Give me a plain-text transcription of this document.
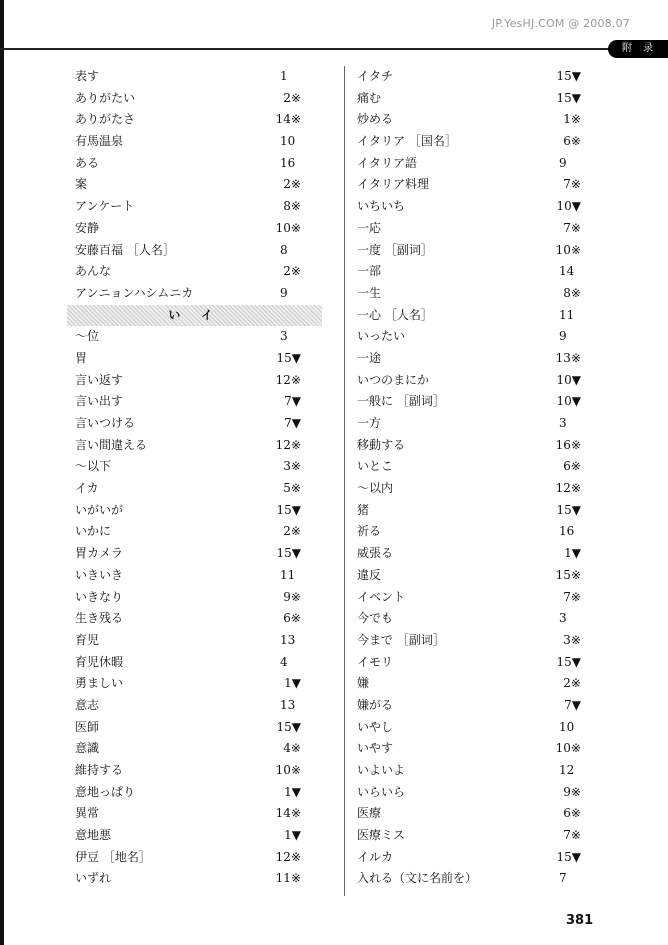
JP.YesHJ.COM @ 2008.07
附 录
表す	1
ありがたい	2※
ありがたさ	14※
有馬温泉	10
ある	16
案	2※
アンケート	8※
安静	10※
安藤百福 ［人名］	8
あんな	2※
アンニョンハシムニカ	9
い イ
～位	3
胃	15▼
言い返す	12※
言い出す	7▼
言いつける	7▼
言い間違える	12※
～以下	3※
イカ	5※
いがいが	15▼
いかに	2※
胃カメラ	15▼
いきいき	11
いきなり	9※
生き残る	6※
育児	13
育児休暇	4
勇ましい	1▼
意志	13
医師	15▼
意識	4※
維持する	10※
意地っぱり	1▼
異常	14※
意地悪	1▼
伊豆 ［地名］	12※
いずれ	11※
イタチ	15▼
痛む	15▼
炒める	1※
イタリア ［国名］	6※
イタリア語	9
イタリア料理	7※
いちいち	10▼
一応	7※
一度 ［副词］	10※
一部	14
一生	8※
一心 ［人名］	11
いったい	9
一途	13※
いつのまにか	10▼
一般に ［副词］	10▼
一方	3
移動する	16※
いとこ	6※
～以内	12※
猪	15▼
祈る	16
威張る	1▼
違反	15※
イベント	7※
今でも	3
今まで ［副词］	3※
イモリ	15▼
嫌	2※
嫌がる	7▼
いやし	10
いやす	10※
いよいよ	12
いらいら	9※
医療	6※
医療ミス	7※
イルカ	15▼
入れる（文に名前を）	7
381
